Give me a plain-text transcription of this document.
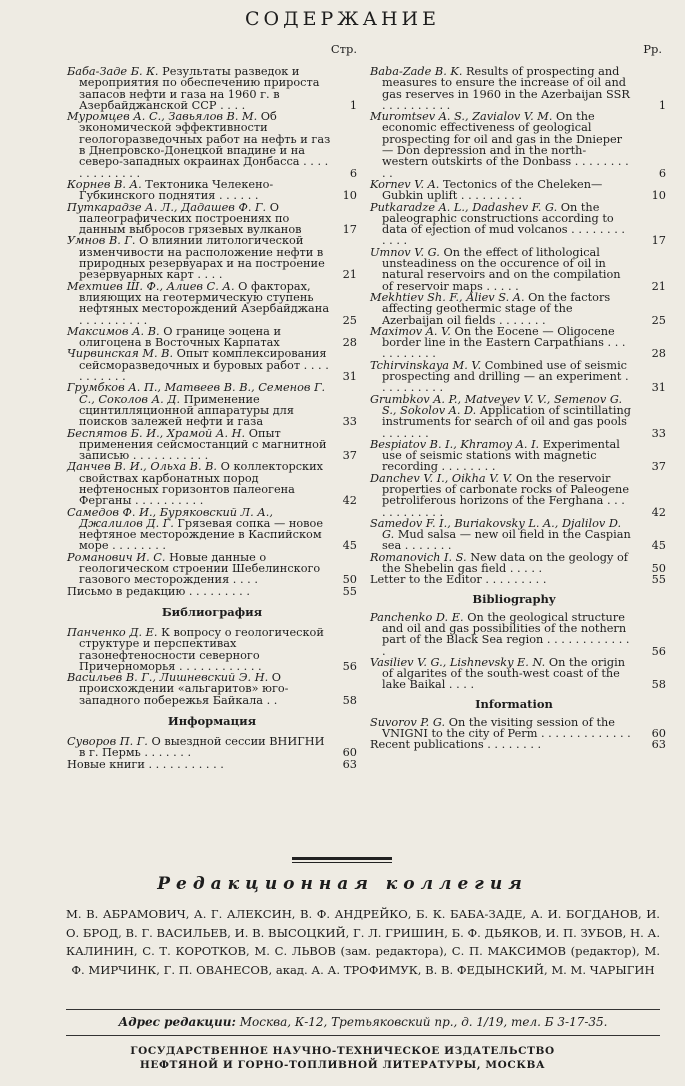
СОДЕРЖАНИЕ
Стр.
Баба-Заде Б. К. Результаты разведок и мероприятия по обеспечению прироста запасов нефти и газа на 1960 г. в Азербайджанской ССР . . . .	1
Муромцев А. С., Завьялов В. М. Об экономической эффективности геологоразведочных работ на нефть и газ в Днепровско-Донецкой впадине и на северо-западных окраинах Донбасса . . . . . . . . . . . . .	6
Корнев В. А. Тектоника Челекено-Губкинского поднятия . . . . . .	10
Путкарадзе А. Л., Дадашев Ф. Г. О палеографических построениях по данным выбросов грязевых вулканов	17
Умнов В. Г. О влиянии литологической изменчивости на расположение нефти в природных резервуарах и на построение резервуарных карт . . . .	21
Мехтиев Ш. Ф., Алиев С. А. О факторах, влияющих на геотермическую ступень нефтяных месторождений Азербайджана . . . . . . . . . .	25
Максимов А. В. О границе эоцена и олигоцена в Восточных Карпатах	28
Чирвинская М. В. Опыт комплексирования сейсморазведочных и буровых работ . . . . . . . . . . .	31
Грумбков А. П., Матвеев В. В., Семенов Г. С., Соколов А. Д. Применение сцинтилляционной аппаратуры для поисков залежей нефти и газа	33
Беспятов Б. И., Храмой А. Н. Опыт применения сейсмостанций с магнитной записью . . . . . . . . . . .	37
Данчев В. И., Ольха В. В. О коллекторских свойствах карбонатных пород нефтеносных горизонтов палеогена Ферганы . . . . . . . . . .	42
Самедов Ф. И., Буряковский Л. А., Джалилов Д. Г. Грязевая сопка — новое нефтяное месторождение в Каспийском море . . . . . . . .	45
Романович И. С. Новые данные о геологическом строении Шебелинского газового месторождения . . . .	50
Письмо в редакцию . . . . . . . . .	55
Библиография
Панченко Д. Е. К вопросу о геологической структуре и перспективах газонефтеносности северного Причерноморья . . . . . . . . . . . .	56
Васильев В. Г., Лишневский Э. Н. О происхождении «альгаритов» юго-западного побережья Байкала . .	58
Информация
Суворов П. Г. О выездной сессии ВНИГНИ в г. Пермь . . . . . . .	60
Новые книги . . . . . . . . . . .	63
Pp.
Baba-Zade B. K. Results of prospecting and measures to ensure the increase of oil and gas reserves in 1960 in the Azerbaijan SSR . . . . . . . . . .	1
Muromtsev A. S., Zavialov V. M. On the economic effectiveness of geological prospecting for oil and gas in the Dnieper — Don depression and in the north-western outskirts of the Donbass . . . . . . . . . .	6
Kornev V. A. Tectonics of the Cheleken—Gubkin uplift . . . . . . . . .	10
Putkaradze A. L., Dadashev F. G. On the paleographic constructions according to data of ejection of mud volcanos . . . . . . . . . . . .	17
Umnov V. G. On the effect of lithological unsteadiness on the occurence of oil in natural reservoirs and on the compilation of reservoir maps . . . . .	21
Mekhtiev Sh. F., Aliev S. A. On the factors affecting geothermic stage of the Azerbaijan oil fields . . . . . . .	25
Maximov A. V. On the Eocene — Oligocene border line in the Eastern Carpathians . . . . . . . . . . .	28
Tchirvinskaya M. V. Combined use of seismic prospecting and drilling — an experiment . . . . . . . . . .	31
Grumbkov A. P., Matveyev V. V., Semenov G. S., Sokolov A. D. Application of scintillating instruments for search of oil and gas pools . . . . . . .	33
Bespiatov B. I., Khramoy A. I. Experimental use of seismic stations with magnetic recording . . . . . . . .	37
Danchev V. I., Oikha V. V. On the reservoir properties of carbonate rocks of Paleogene petroliferous horizons of the Ferghana . . . . . . . . . . . .	42
Samedov F. I., Buriakovsky L. A., Djalilov D. G. Mud salsa — new oil field in the Caspian sea . . . . . . .	45
Romanovich I. S. New data on the geology of the Shebelin gas field . . . . .	50
Letter to the Editor . . . . . . . . .	55
Bibliography
Panchenko D. E. On the geological structure and oil and gas possibilities of the nothern part of the Black Sea region . . . . . . . . . . . . .	56
Vasiliev V. G., Lishnevsky E. N. On the origin of algarites of the south-west coast of the lake Baikal . . . .	58
Information
Suvorov P. G. On the visiting session of the VNIGNI to the city of Perm . . . . . . . . . . . . .	60
Recent publications . . . . . . . .	63
Редакционная коллегия
М. В. АБРАМОВИЧ, А. Г. АЛЕКСИН, В. Ф. АНДРЕЙКО, Б. К. БАБА-ЗАДЕ, А. И. БОГДАНОВ, И. О. БРОД, В. Г. ВАСИЛЬЕВ, И. В. ВЫСОЦКИЙ, Г. Л. ГРИШИН, Б. Ф. ДЬЯКОВ, И. П. ЗУБОВ, Н. А. КАЛИНИН, С. Т. КОРОТКОВ, М. С. ЛЬВОВ (зам. редактора), С. П. МАКСИМОВ (редактор), М. Ф. МИРЧИНК, Г. П. ОВАНЕСОВ, акад. А. А. ТРОФИМУК, В. В. ФЕДЫНСКИЙ, М. М. ЧАРЫГИН
Адрес редакции: Москва, К-12, Третьяковский пр., д. 1/19, тел. Б 3-17-35.
ГОСУДАРСТВЕННОЕ НАУЧНО-ТЕХНИЧЕСКОЕ ИЗДАТЕЛЬСТВО
НЕФТЯНОЙ И ГОРНО-ТОПЛИВНОЙ ЛИТЕРАТУРЫ, МОСКВА
